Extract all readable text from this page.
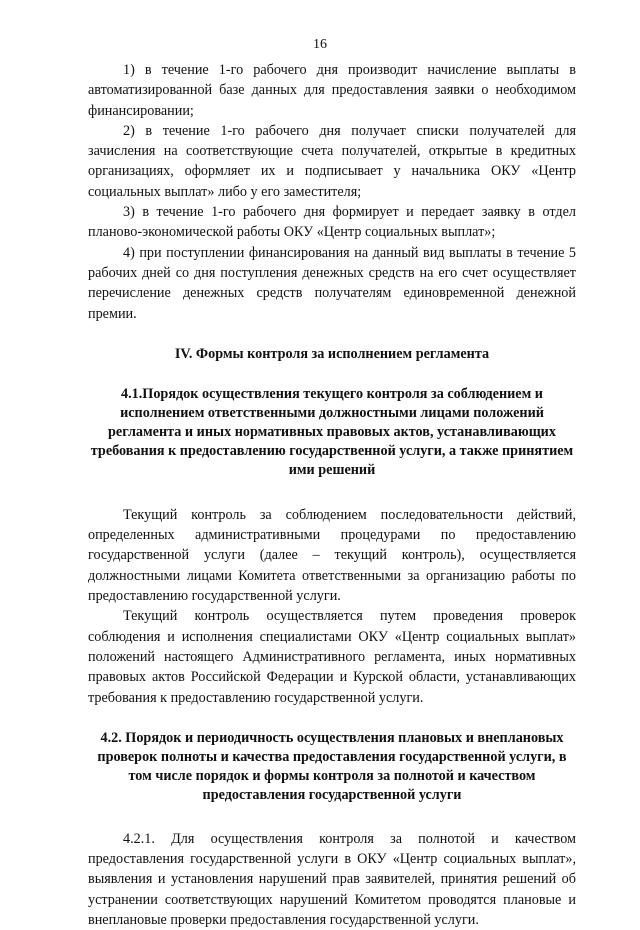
16

1) в течение 1-го рабочего дня производит начисление выплаты в автоматизированной базе данных для предоставления заявки о необходимом финансировании;

2) в течение 1-го рабочего дня получает списки получателей для зачисления на соответствующие счета получателей, открытые в кредитных организациях, оформляет их и подписывает у начальника ОКУ «Центр социальных выплат» либо у его заместителя;

3) в течение 1-го рабочего дня формирует и передает заявку в отдел планово-экономической работы ОКУ «Центр социальных выплат»;

4) при поступлении финансирования на данный вид выплаты в течение 5 рабочих дней со дня поступления денежных средств на его счет осуществляет перечисление денежных средств получателям единовременной денежной премии.

IV. Формы контроля за исполнением регламента

4.1.Порядок осуществления текущего контроля за соблюдением и исполнением ответственными должностными лицами положений регламента и иных нормативных правовых актов, устанавливающих требования к предоставлению государственной услуги, а также принятием ими решений

Текущий контроль за соблюдением последовательности действий, определенных административными процедурами по предоставлению государственной услуги (далее – текущий контроль), осуществляется должностными лицами Комитета ответственными за организацию работы по предоставлению государственной услуги.

Текущий контроль осуществляется путем проведения проверок соблюдения и исполнения специалистами ОКУ «Центр социальных выплат» положений настоящего Административного регламента, иных нормативных правовых актов Российской Федерации и Курской области, устанавливающих требования к предоставлению государственной услуги.

4.2. Порядок и периодичность осуществления плановых и внеплановых проверок полноты и качества предоставления государственной услуги, в том числе порядок и формы контроля за полнотой и качеством предоставления государственной услуги

4.2.1. Для осуществления контроля за полнотой и качеством предоставления государственной услуги в ОКУ «Центр социальных выплат», выявления и установления нарушений прав заявителей, принятия решений об устранении соответствующих нарушений Комитетом проводятся плановые и внеплановые проверки предоставления государственной услуги.
